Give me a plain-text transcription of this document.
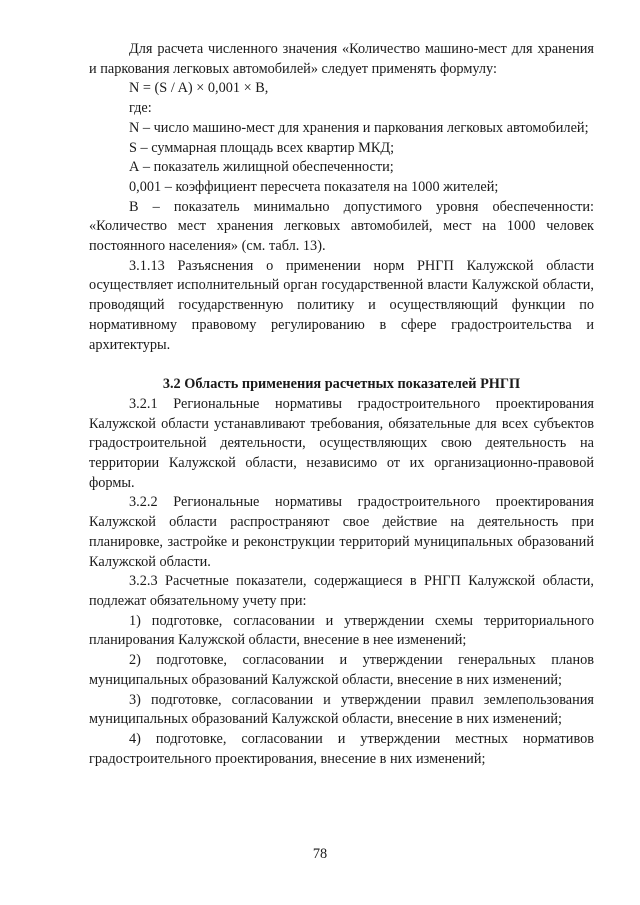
Для расчета численного значения «Количество машино-мест для хранения и паркования легковых автомобилей» следует применять формулу:

N = (S / A) × 0,001 × B,

где:

N – число машино-мест для хранения и паркования легковых автомобилей;

S – суммарная площадь всех квартир МКД;

А – показатель жилищной обеспеченности;

0,001 – коэффициент пересчета показателя на 1000 жителей;

В – показатель минимально допустимого уровня обеспеченности: «Количество мест хранения легковых автомобилей, мест на 1000 человек постоянного населения» (см. табл. 13).

3.1.13 Разъяснения о применении норм РНГП Калужской области осуществляет исполнительный орган государственной власти Калужской области, проводящий государственную политику и осуществляющий функции по нормативному правовому регулированию в сфере градостроительства и архитектуры.

3.2 Область применения расчетных показателей РНГП

3.2.1 Региональные нормативы градостроительного проектирования Калужской области устанавливают требования, обязательные для всех субъектов градостроительной деятельности, осуществляющих свою деятельность на территории Калужской области, независимо от их организационно-правовой формы.

3.2.2 Региональные нормативы градостроительного проектирования Калужской области распространяют свое действие на деятельность при планировке, застройке и реконструкции территорий муниципальных образований Калужской области.

3.2.3 Расчетные показатели, содержащиеся в РНГП Калужской области, подлежат обязательному учету при:

1) подготовке, согласовании и утверждении схемы территориального планирования Калужской области, внесение в нее изменений;

2) подготовке, согласовании и утверждении генеральных планов муниципальных образований Калужской области, внесение в них изменений;

3) подготовке, согласовании и утверждении правил землепользования муниципальных образований Калужской области, внесение в них изменений;

4) подготовке, согласовании и утверждении местных нормативов градостроительного проектирования, внесение в них изменений;

78
